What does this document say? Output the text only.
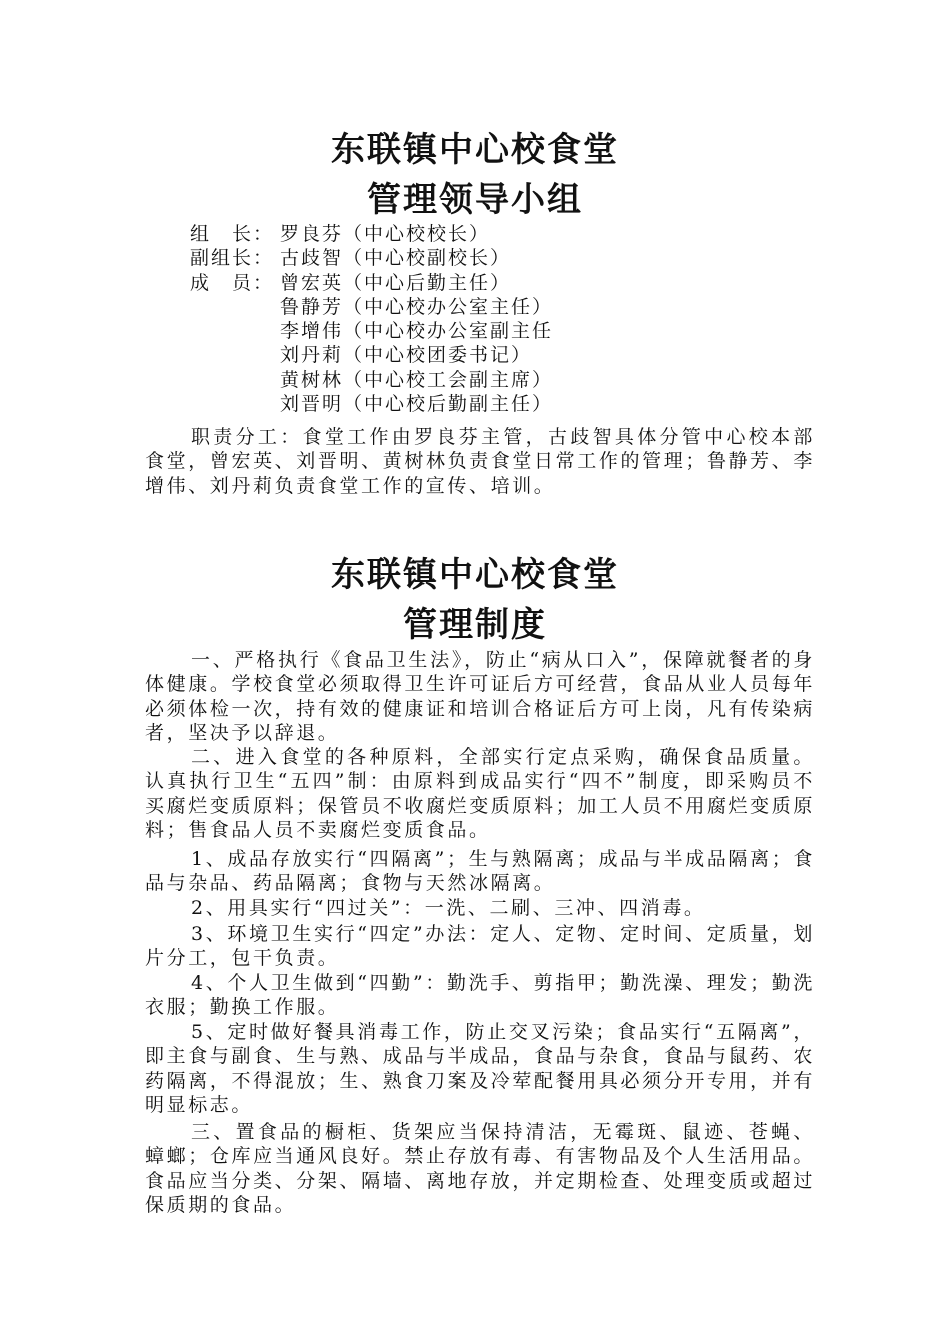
东联镇中心校食堂
管理领导小组
组　长： 罗良芬（中心校校长）
副组长： 古歧智（中心校副校长）
成　员： 曾宏英（中心后勤主任）
鲁静芳（中心校办公室主任）
李增伟（中心校办公室副主任
刘丹莉（中心校团委书记）
黄树林（中心校工会副主席）
刘晋明（中心校后勤副主任）

职责分工：食堂工作由罗良芬主管，古歧智具体分管中心校本部食堂，曾宏英、刘晋明、黄树林负责食堂日常工作的管理；鲁静芳、李增伟、刘丹莉负责食堂工作的宣传、培训。

东联镇中心校食堂
管理制度

一、严格执行《食品卫生法》，防止“病从口入”，保障就餐者的身体健康。学校食堂必须取得卫生许可证后方可经营，食品从业人员每年必须体检一次，持有效的健康证和培训合格证后方可上岗，凡有传染病者，坚决予以辞退。

二、进入食堂的各种原料，全部实行定点采购，确保食品质量。认真执行卫生“五四”制：由原料到成品实行“四不”制度，即采购员不买腐烂变质原料；保管员不收腐烂变质原料；加工人员不用腐烂变质原料；售食品人员不卖腐烂变质食品。

1、成品存放实行“四隔离”；生与熟隔离；成品与半成品隔离；食品与杂品、药品隔离；食物与天然冰隔离。

2、用具实行“四过关”：一洗、二刷、三冲、四消毒。

3、环境卫生实行“四定”办法：定人、定物、定时间、定质量，划片分工，包干负责。

4、个人卫生做到“四勤”：勤洗手、剪指甲；勤洗澡、理发；勤洗衣服；勤换工作服。

5、定时做好餐具消毒工作，防止交叉污染；食品实行“五隔离”，即主食与副食、生与熟、成品与半成品，食品与杂食，食品与鼠药、农药隔离，不得混放；生、熟食刀案及冷荤配餐用具必须分开专用，并有明显标志。

三、置食品的橱柜、货架应当保持清洁，无霉斑、鼠迹、苍蝇、蟑螂；仓库应当通风良好。禁止存放有毒、有害物品及个人生活用品。食品应当分类、分架、隔墙、离地存放，并定期检查、处理变质或超过保质期的食品。
